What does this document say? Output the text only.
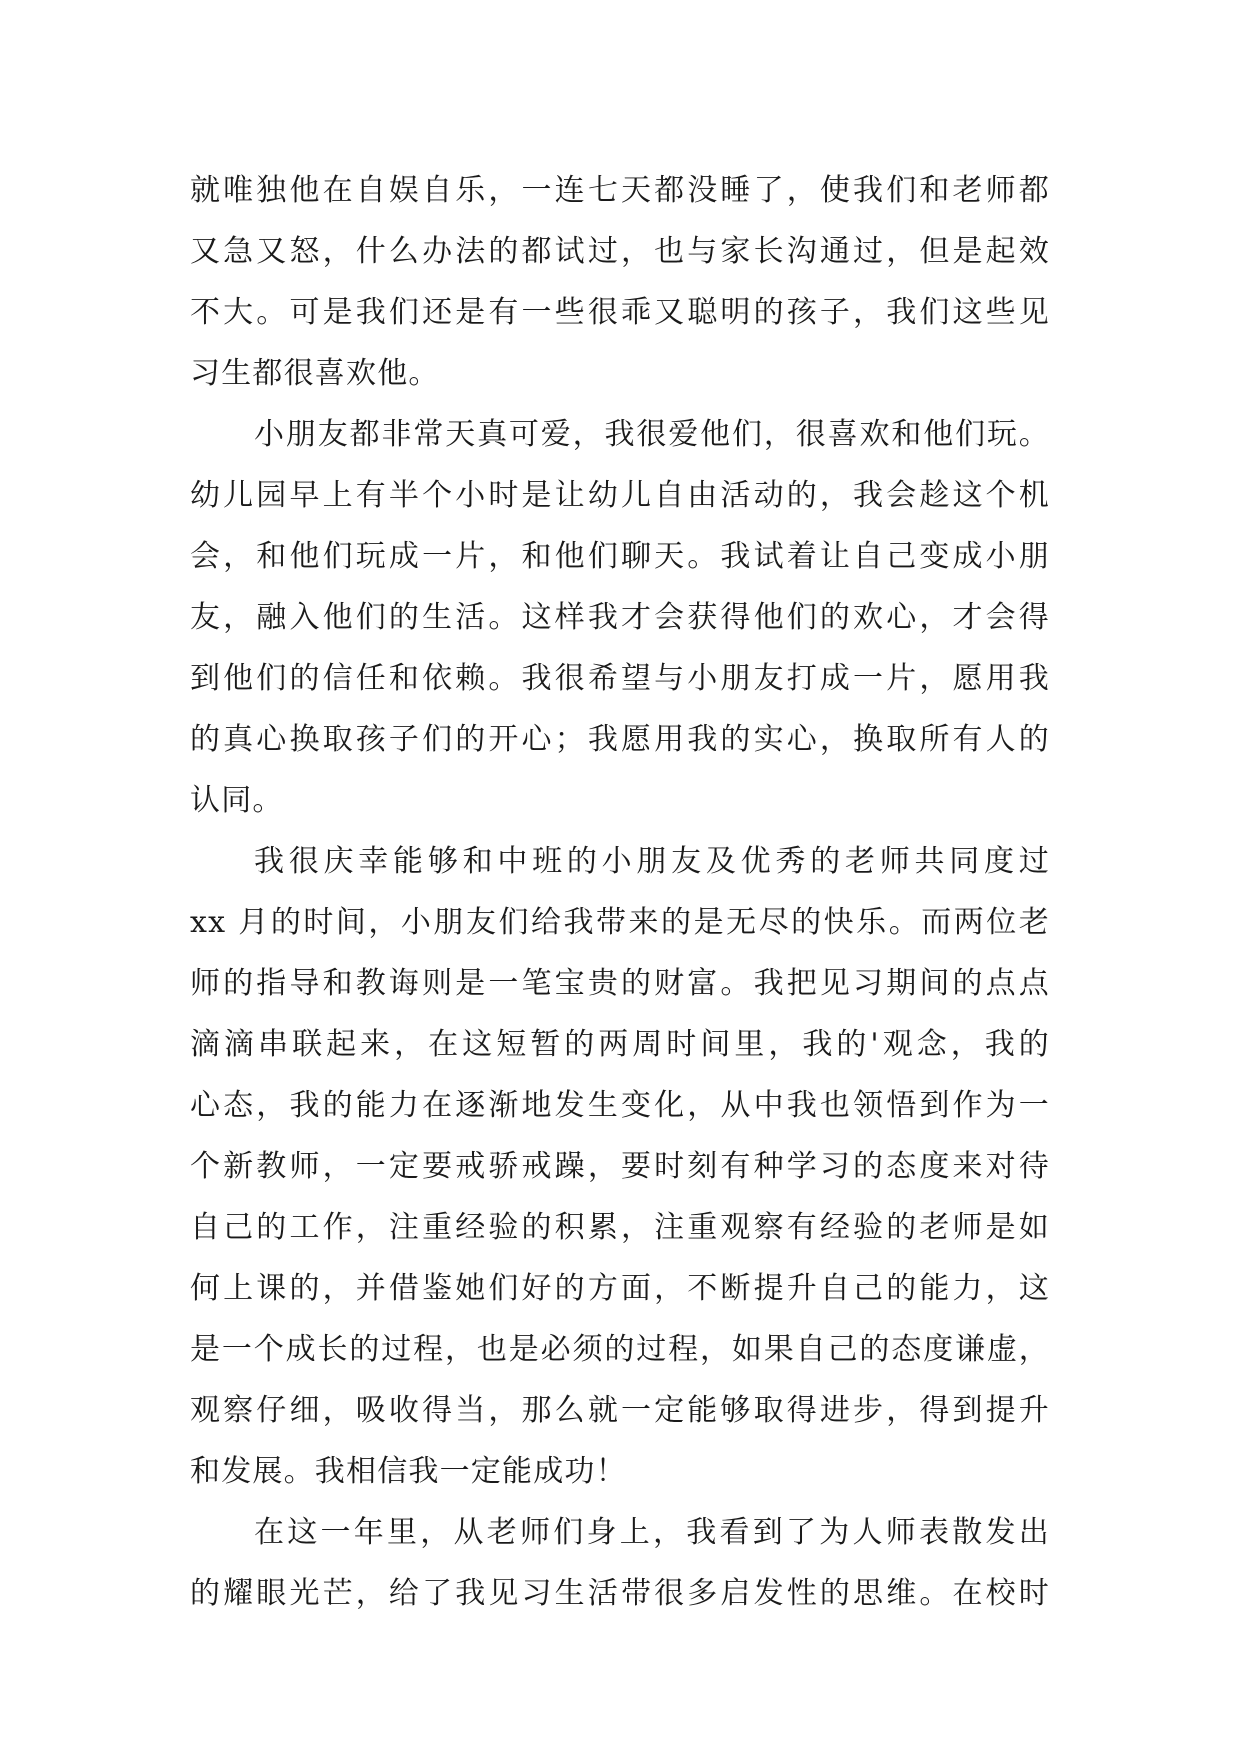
就唯独他在自娱自乐，一连七天都没睡了，使我们和老师都
又急又怒，什么办法的都试过，也与家长沟通过，但是起效
不大。可是我们还是有一些很乖又聪明的孩子，我们这些见
习生都很喜欢他。
小朋友都非常天真可爱，我很爱他们，很喜欢和他们玩。
幼儿园早上有半个小时是让幼儿自由活动的，我会趁这个机
会，和他们玩成一片，和他们聊天。我试着让自己变成小朋
友，融入他们的生活。这样我才会获得他们的欢心，才会得
到他们的信任和依赖。我很希望与小朋友打成一片，愿用我
的真心换取孩子们的开心；我愿用我的实心，换取所有人的
认同。
我很庆幸能够和中班的小朋友及优秀的老师共同度过
xx 月的时间，小朋友们给我带来的是无尽的快乐。而两位老
师的指导和教诲则是一笔宝贵的财富。我把见习期间的点点
滴滴串联起来，在这短暂的两周时间里，我的'观念，我的
心态，我的能力在逐渐地发生变化，从中我也领悟到作为一
个新教师，一定要戒骄戒躁，要时刻有种学习的态度来对待
自己的工作，注重经验的积累，注重观察有经验的老师是如
何上课的，并借鉴她们好的方面，不断提升自己的能力，这
是一个成长的过程，也是必须的过程，如果自己的态度谦虚，
观察仔细，吸收得当，那么就一定能够取得进步，得到提升
和发展。我相信我一定能成功！
在这一年里，从老师们身上，我看到了为人师表散发出
的耀眼光芒，给了我见习生活带很多启发性的思维。在校时
